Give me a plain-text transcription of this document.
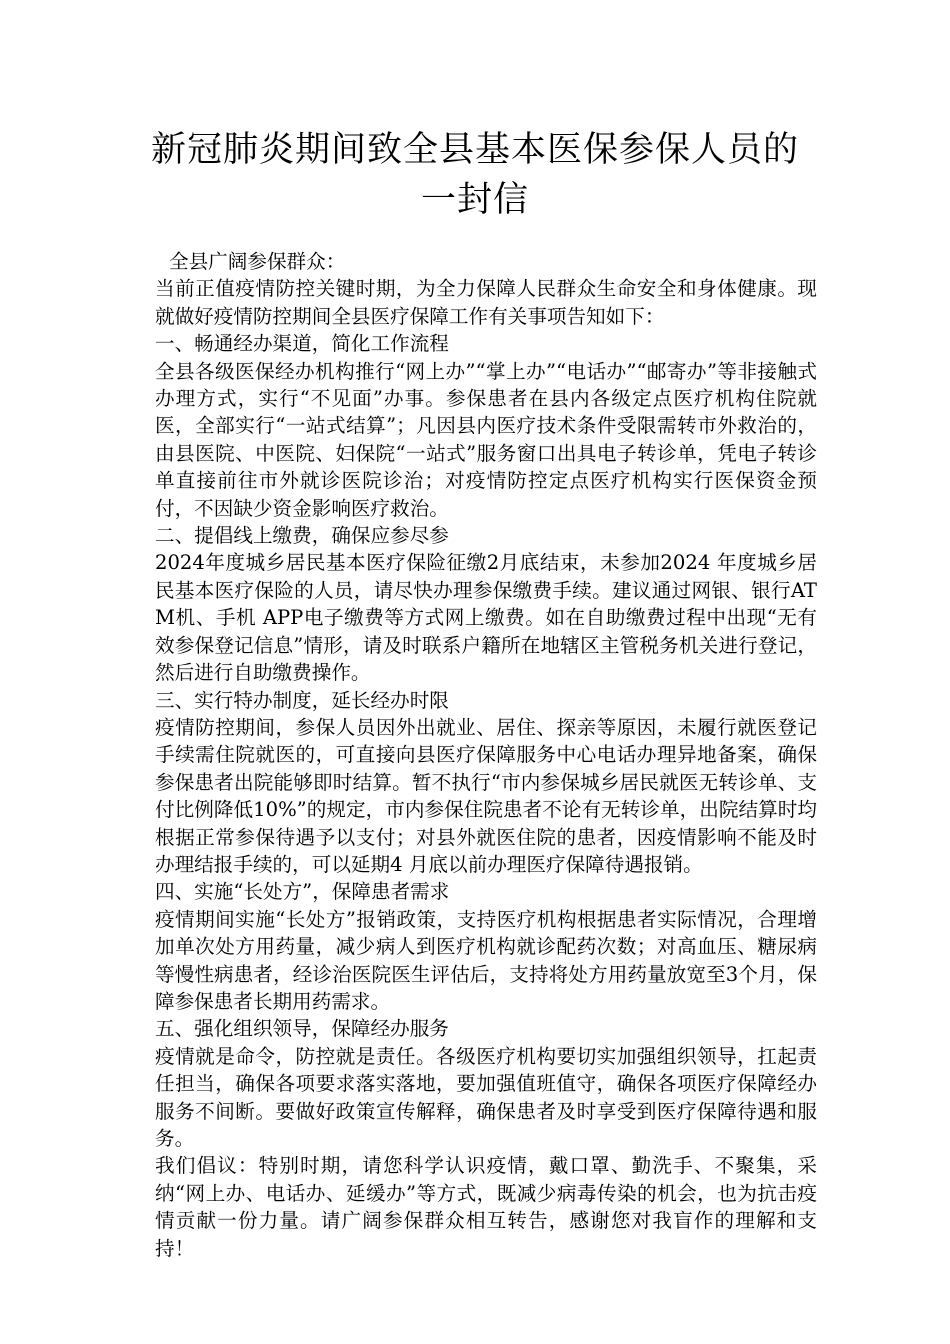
新冠肺炎期间致全县基本医保参保人员的
一封信

全县广阔参保群众：

当前正值疫情防控关键时期，为全力保障人民群众生命安全和身体健康。现就做好疫情防控期间全县医疗保障工作有关事项告知如下：

一、畅通经办渠道，简化工作流程

全县各级医保经办机构推行“网上办”“掌上办”“电话办”“邮寄办”等非接触式办理方式，实行“不见面”办事。参保患者在县内各级定点医疗机构住院就医，全部实行“一站式结算”；凡因县内医疗技术条件受限需转市外救治的， 由县医院、中医院、妇保院“一站式”服务窗口出具电子转诊单，凭电子转诊单直接前往市外就诊医院诊治；对疫情防控定点医疗机构实行医保资金预付，不因缺少资金影响医疗救治。

二、提倡线上缴费，确保应参尽参

2024年度城乡居民基本医疗保险征缴2月底结束，未参加2024 年度城乡居民基本医疗保险的人员，请尽快办理参保缴费手续。建议通过网银、银行ATM机、手机 APP电子缴费等方式网上缴费。如在自助缴费过程中出现“无有效参保登记信息”情形，请及时联系户籍所在地辖区主管税务机关进行登记，然后进行自助缴费操作。

三、实行特办制度，延长经办时限

疫情防控期间，参保人员因外出就业、居住、探亲等原因，未履行就医登记手续需住院就医的，可直接向县医疗保障服务中心电话办理异地备案，确保参保患者出院能够即时结算。暂不执行“市内参保城乡居民就医无转诊单、支付比例降低10%”的规定，市内参保住院患者不论有无转诊单，出院结算时均根据正常参保待遇予以支付；对县外就医住院的患者，因疫情影响不能及时办理结报手续的，可以延期4 月底以前办理医疗保障待遇报销。

四、实施“长处方”，保障患者需求

疫情期间实施“长处方”报销政策，支持医疗机构根据患者实际情况，合理增加单次处方用药量，减少病人到医疗机构就诊配药次数；对高血压、糖尿病等慢性病患者，经诊治医院医生评估后，支持将处方用药量放宽至3个月，保障参保患者长期用药需求。

五、强化组织领导，保障经办服务

疫情就是命令，防控就是责任。各级医疗机构要切实加强组织领导，扛起责任担当，确保各项要求落实落地，要加强值班值守，确保各项医疗保障经办服务不间断。要做好政策宣传解释，确保患者及时享受到医疗保障待遇和服务。

我们倡议：特别时期，请您科学认识疫情，戴口罩、勤洗手、不聚集，采纳“网上办、电话办、延缓办”等方式，既减少病毒传染的机会，也为抗击疫情贡献一份力量。请广阔参保群众相互转告，感谢您对我盲作的理解和支持！
